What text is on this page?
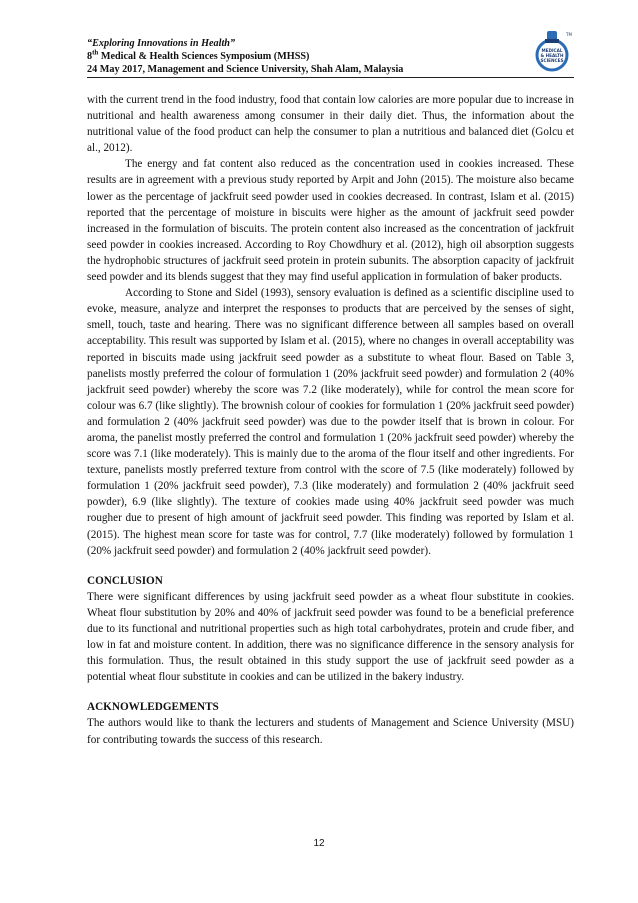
“Exploring Innovations in Health”
8th Medical & Health Sciences Symposium (MHSS)
24 May 2017, Management and Science University, Shah Alam, Malaysia
MEDICAL
& HEALTH
SCIENCES
TM

with the current trend in the food industry, food that contain low calories are more popular due to increase in nutritional and health awareness among consumer in their daily diet. Thus, the information about the nutritional value of the food product can help the consumer to plan a nutritious and balanced diet (Golcu et al., 2012).

The energy and fat content also reduced as the concentration used in cookies increased. These results are in agreement with a previous study reported by Arpit and John (2015). The moisture also became lower as the percentage of jackfruit seed powder used in cookies decreased. In contrast, Islam et al. (2015) reported that the percentage of moisture in biscuits were higher as the amount of jackfruit seed powder increased in the formulation of biscuits. The protein content also increased as the concentration of jackfruit seed powder in cookies increased. According to Roy Chowdhury et al. (2012), high oil absorption suggests the hydrophobic structures of jackfruit seed protein in protein subunits. The absorption capacity of jackfruit seed powder and its blends suggest that they may find useful application in formulation of baker products.

According to Stone and Sidel (1993), sensory evaluation is defined as a scientific discipline used to evoke, measure, analyze and interpret the responses to products that are perceived by the senses of sight, smell, touch, taste and hearing. There was no significant difference between all samples based on overall acceptability. This result was supported by Islam et al. (2015), where no changes in overall acceptability was reported in biscuits made using jackfruit seed powder as a substitute to wheat flour. Based on Table 3, panelists mostly preferred the colour of formulation 1 (20% jackfruit seed powder) and formulation 2 (40% jackfruit seed powder) whereby the score was 7.2 (like moderately), while for control the mean score for colour was 6.7 (like slightly). The brownish colour of cookies for formulation 1 (20% jackfruit seed powder) and formulation 2 (40% jackfruit seed powder) was due to the powder itself that is brown in colour. For aroma, the panelist mostly preferred the control and formulation 1 (20% jackfruit seed powder) whereby the score was 7.1 (like moderately). This is mainly due to the aroma of the flour itself and other ingredients. For texture, panelists mostly preferred texture from control with the score of 7.5 (like moderately) followed by formulation 1 (20% jackfruit seed powder), 7.3 (like moderately) and formulation 2 (40% jackfruit seed powder), 6.9 (like slightly). The texture of cookies made using 40% jackfruit seed powder was much rougher due to present of high amount of jackfruit seed powder. This finding was reported by Islam et al. (2015). The highest mean score for taste was for control, 7.7 (like moderately) followed by formulation 1 (20% jackfruit seed powder) and formulation 2 (40% jackfruit seed powder).

CONCLUSION

There were significant differences by using jackfruit seed powder as a wheat flour substitute in cookies. Wheat flour substitution by 20% and 40% of jackfruit seed powder was found to be a beneficial preference due to its functional and nutritional properties such as high total carbohydrates, protein and crude fiber, and low in fat and moisture content. In addition, there was no significance difference in the sensory analysis for this formulation. Thus, the result obtained in this study support the use of jackfruit seed powder as a potential wheat flour substitute in cookies and can be utilized in the bakery industry.

ACKNOWLEDGEMENTS

The authors would like to thank the lecturers and students of Management and Science University (MSU) for contributing towards the success of this research.

12
